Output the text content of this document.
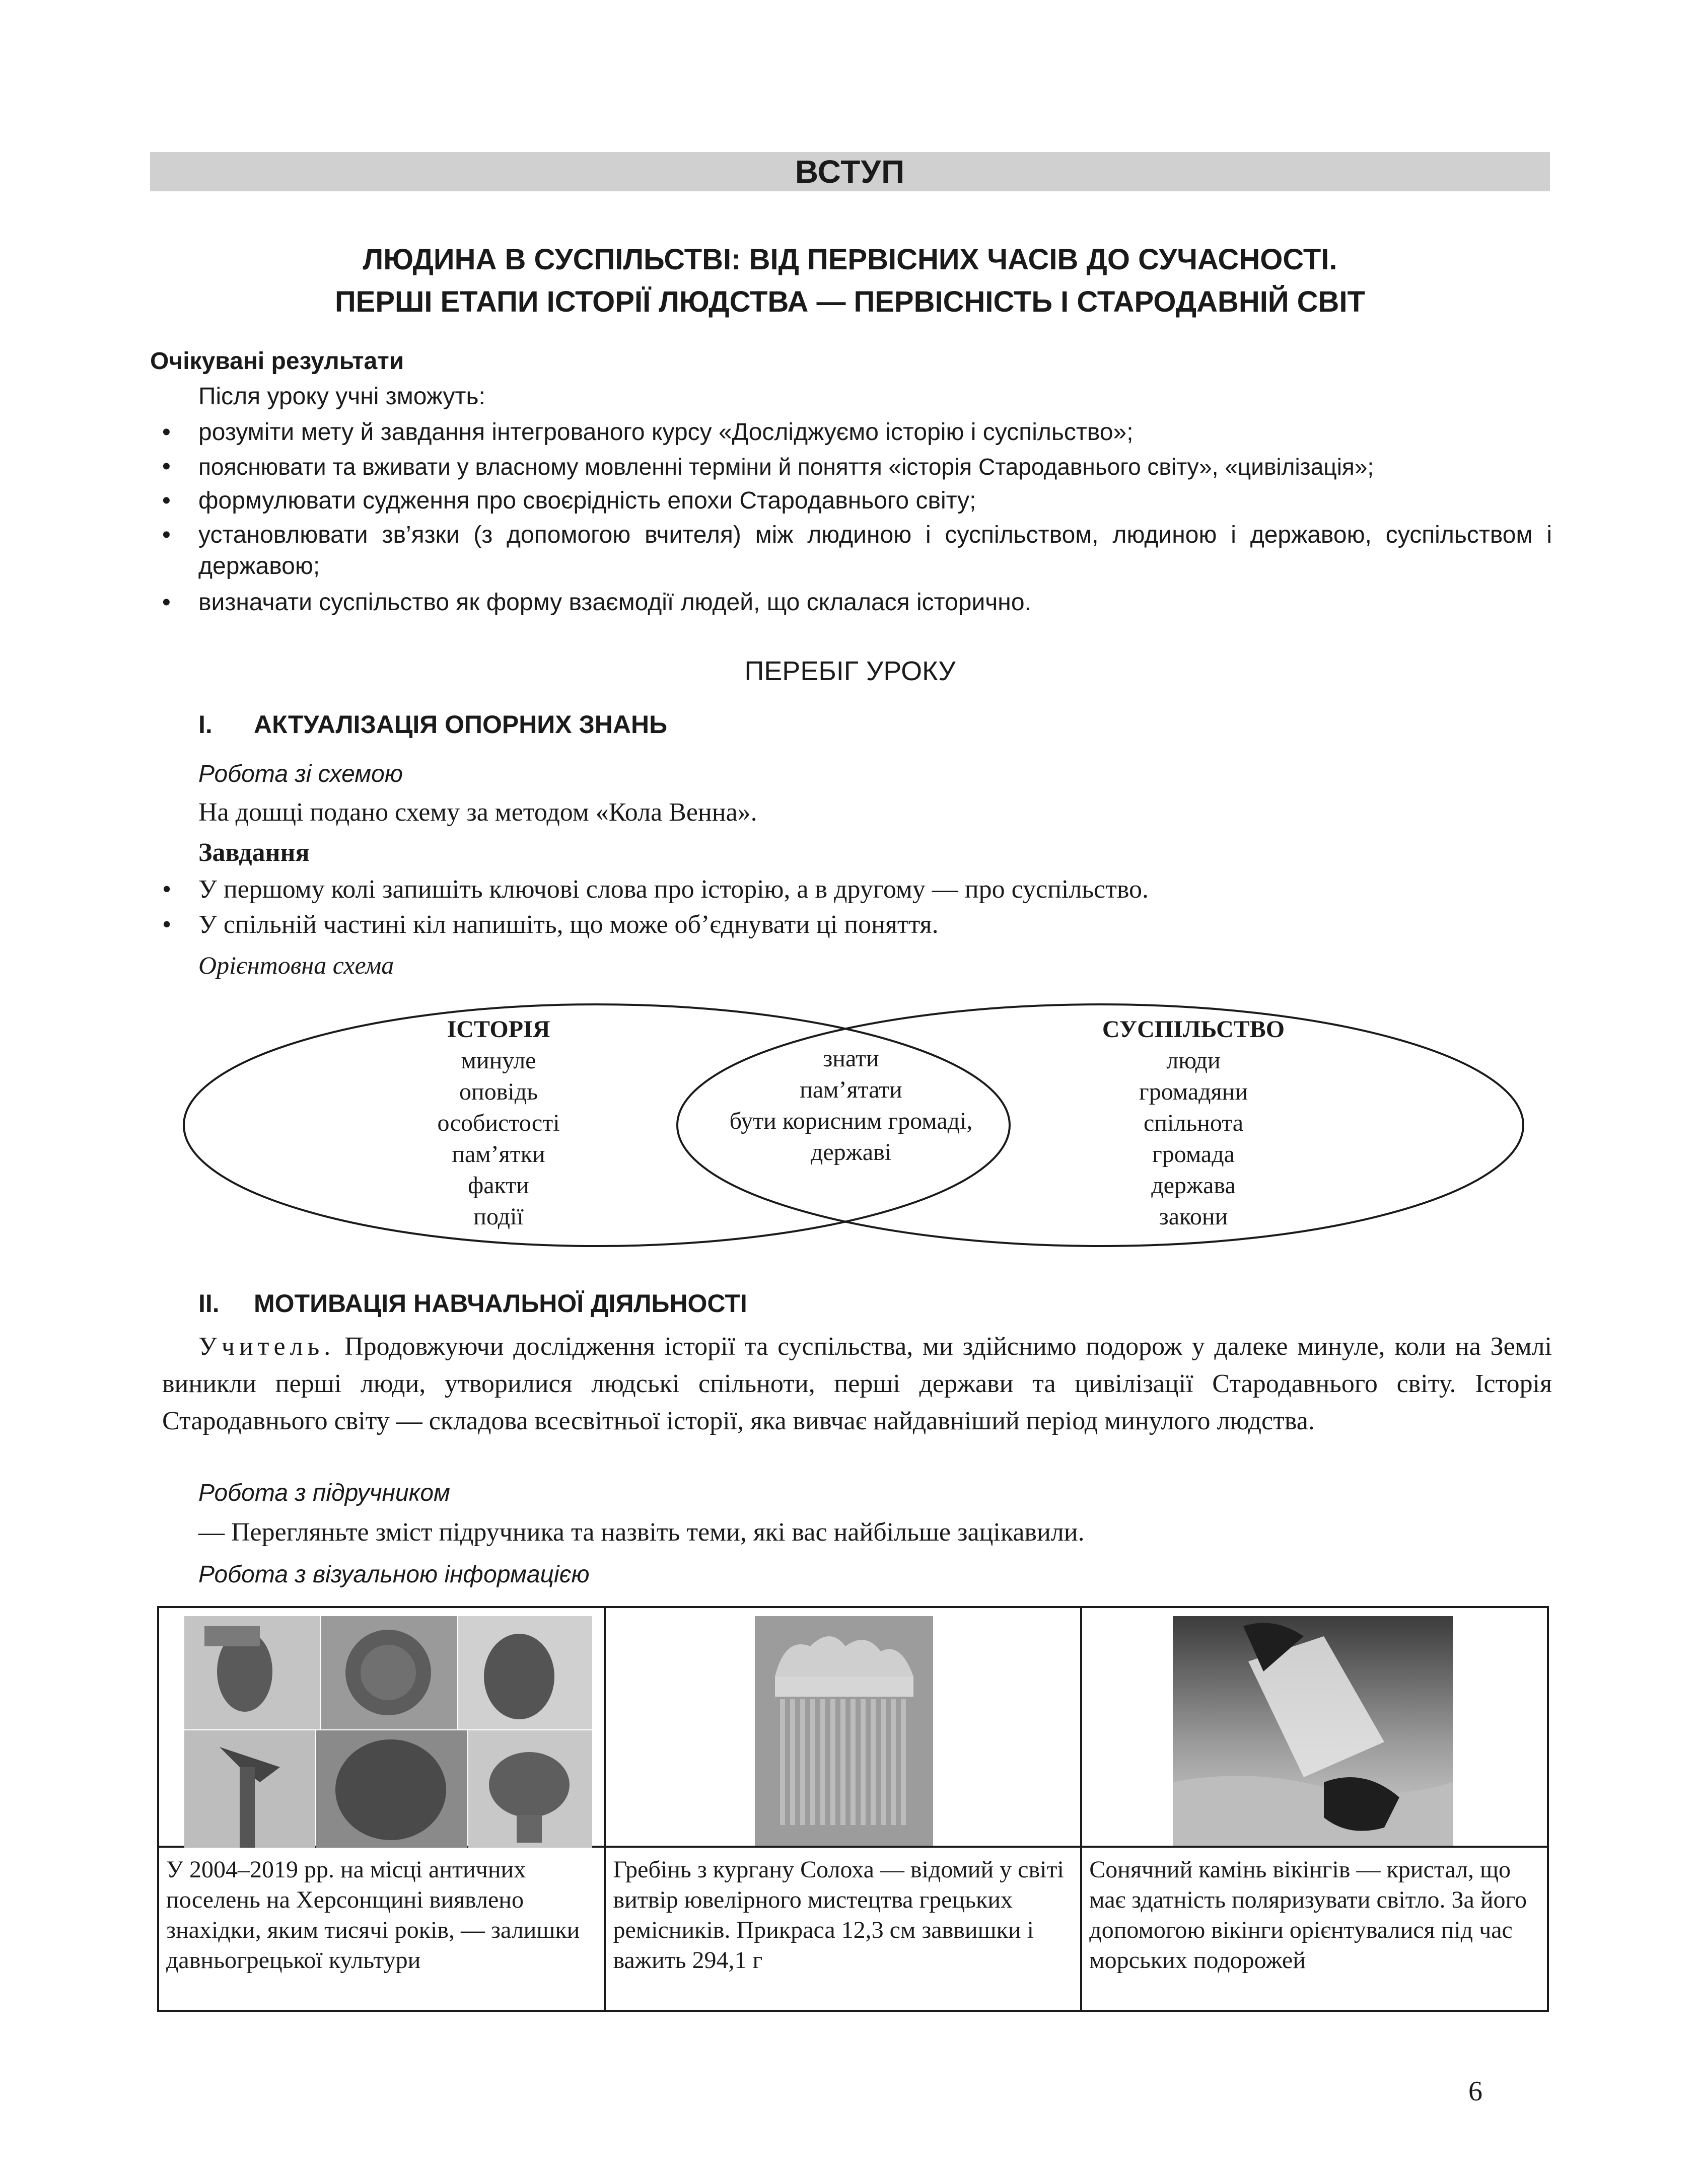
ВСТУП
ЛЮДИНА В СУСПІЛЬСТВІ: ВІД ПЕРВІСНИХ ЧАСІВ ДО СУЧАСНОСТІ.
ПЕРШІ ЕТАПИ ІСТОРІЇ ЛЮДСТВА — ПЕРВІСНІСТЬ І СТАРОДАВНІЙ СВІТ
Очікувані результати
Після уроку учні зможуть:
• розуміти мету й завдання інтегрованого курсу «Досліджуємо історію і суспільство»;
• пояснювати та вживати у власному мовленні терміни й поняття «історія Стародавнього світу», «цивілізація»;
• формулювати судження про своєрідність епохи Стародавнього світу;
• установлювати зв’язки (з допомогою вчителя) між людиною і суспільством, людиною і державою, суспільством і державою;
• визначати суспільство як форму взаємодії людей, що склалася історично.
ПЕРЕБІГ УРОКУ
I. АКТУАЛІЗАЦІЯ ОПОРНИХ ЗНАНЬ
Робота зі схемою
На дошці подано схему за методом «Кола Венна».
Завдання
• У першому колі запишіть ключові слова про історію, а в другому — про суспільство.
• У спільній частині кіл напишіть, що може об’єднувати ці поняття.
Орієнтовна схема
ІСТОРІЯ
минуле
оповідь
особистості
пам’ятки
факти
події
знати
пам’ятати
бути корисним громаді,
державі
СУСПІЛЬСТВО
люди
громадяни
спільнота
громада
держава
закони
II. МОТИВАЦІЯ НАВЧАЛЬНОЇ ДІЯЛЬНОСТІ
Учитель. Продовжуючи дослідження історії та суспільства, ми здійснимо подорож у далеке минуле, коли на Землі виникли перші люди, утворилися людські спільноти, перші держави та цивілізації Стародавнього світу. Історія Стародавнього світу — складова всесвітньої історії, яка вивчає найдавніший період минулого людства.
Робота з підручником
— Перегляньте зміст підручника та назвіть теми, які вас найбільше зацікавили.
Робота з візуальною інформацією

У 2004–2019 рр. на місці античних поселень на Херсонщині виявлено знахідки, яким тисячі років, — залишки давньогрецької культури	Гребінь з кургану Солоха — відомий у світі витвір ювелірного мистецтва грецьких ремісників. Прикраса 12,3 см заввишки і важить 294,1 г	Сонячний камінь вікінгів — кристал, що має здатність поляризувати світло. За його допомогою вікінги орієнтувалися під час морських подорожей
6
